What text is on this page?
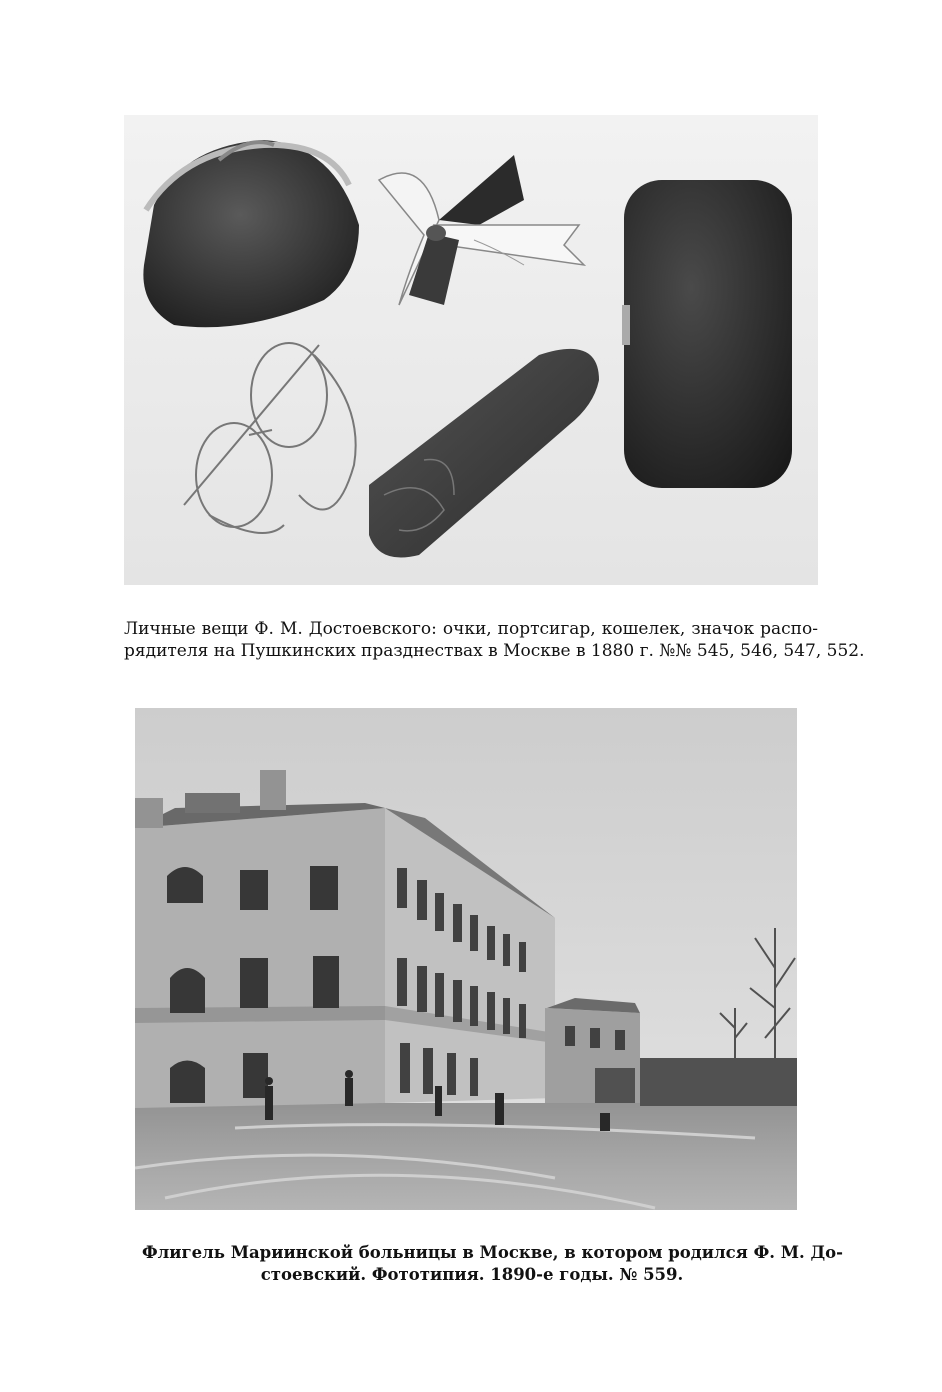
Личные вещи Ф. М. Достоевского: очки, портсигар, кошелек, значок распо-
рядителя на Пушкинских празднествах в Москве в 1880 г. №№ 545, 546, 547, 552.
Флигель Мариинской больницы в Москве, в котором родился Ф. М. До-
стоевский. Фототипия. 1890-е годы. № 559.
